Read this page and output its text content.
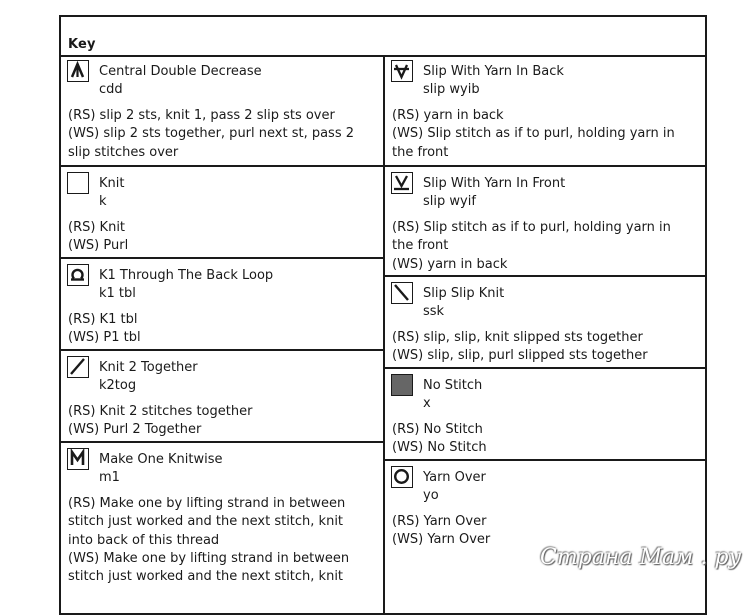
Key
Central Double Decrease
cdd
(RS) slip 2 sts, knit 1, pass 2 slip sts over
(WS) slip 2 sts together, purl next st, pass 2
slip stitches over
Knit
k
(RS) Knit
(WS) Purl
K1 Through The Back Loop
k1 tbl
(RS) K1 tbl
(WS) P1 tbl
Knit 2 Together
k2tog
(RS) Knit 2 stitches together
(WS) Purl 2 Together
Make One Knitwise
m1
(RS) Make one by lifting strand in between
stitch just worked and the next stitch, knit
into back of this thread
(WS) Make one by lifting strand in between
stitch just worked and the next stitch, knit
Slip With Yarn In Back
slip wyib
(RS) yarn in back
(WS) Slip stitch as if to purl, holding yarn in
the front
Slip With Yarn In Front
slip wyif
(RS) Slip stitch as if to purl, holding yarn in
the front
(WS) yarn in back
Slip Slip Knit
ssk
(RS) slip, slip, knit slipped sts together
(WS) slip, slip, purl slipped sts together
No Stitch
x
(RS) No Stitch
(WS) No Stitch
Yarn Over
yo
(RS) Yarn Over
(WS) Yarn Over
Страна Мам . ру
